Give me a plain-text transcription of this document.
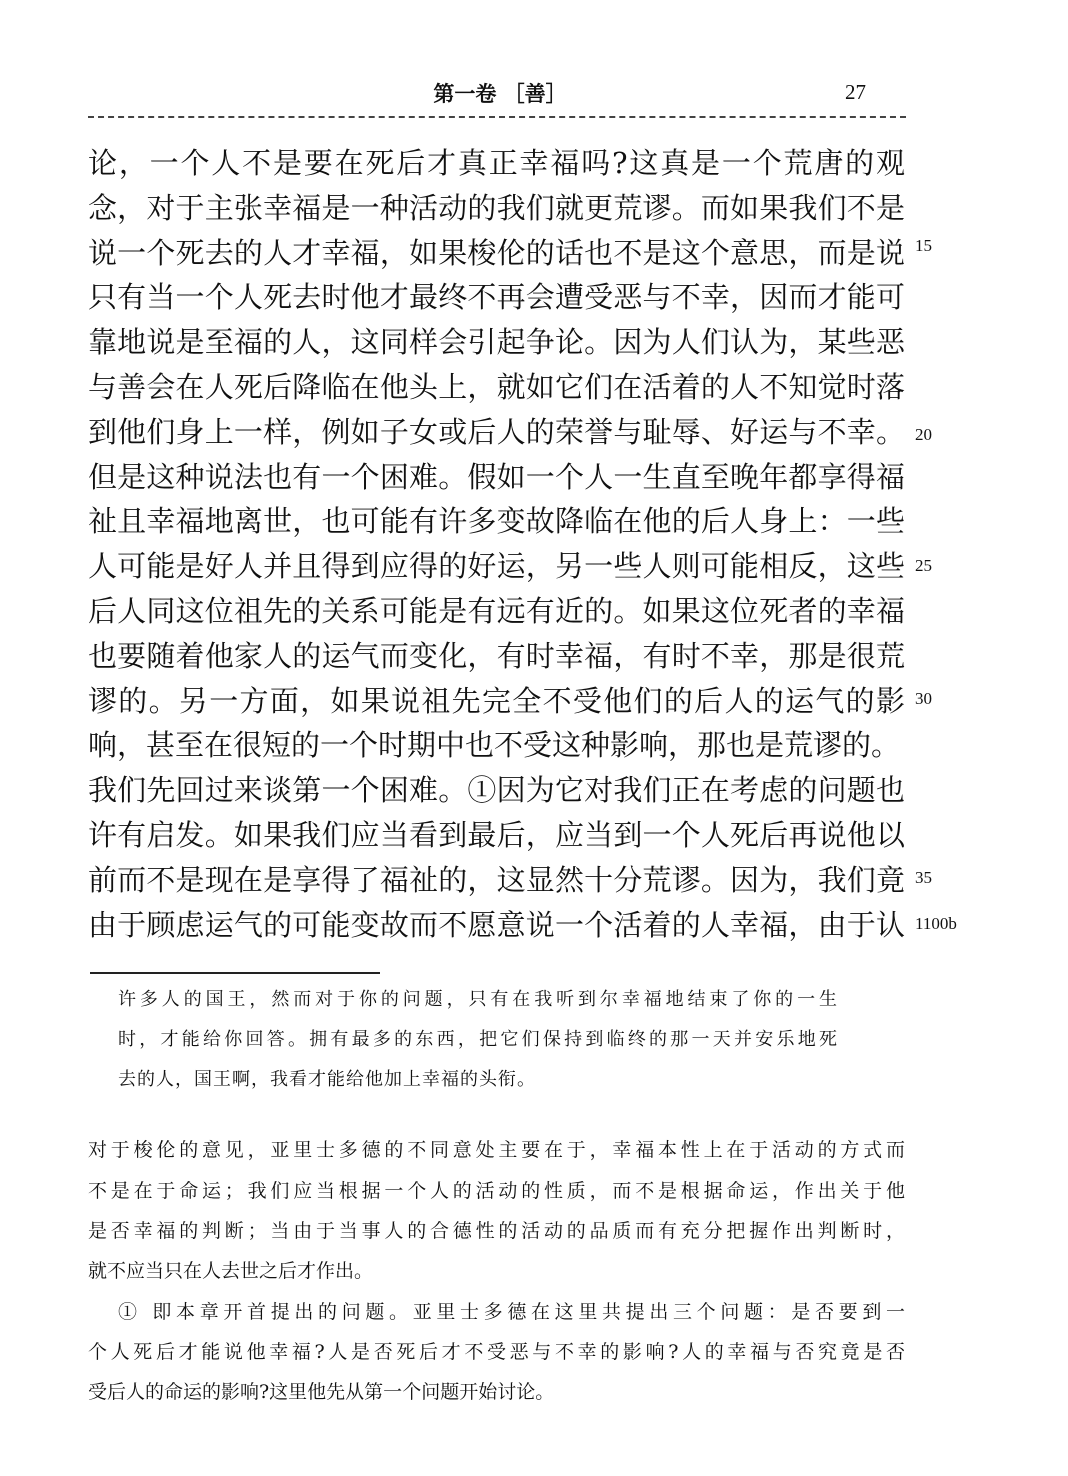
第一卷 ［善］	27
论，一个人不是要在死后才真正幸福吗?这真是一个荒唐的观
念，对于主张幸福是一种活动的我们就更荒谬。而如果我们不是
说一个死去的人才幸福，如果梭伦的话也不是这个意思，而是说
只有当一个人死去时他才最终不再会遭受恶与不幸，因而才能可
靠地说是至福的人，这同样会引起争论。因为人们认为，某些恶
与善会在人死后降临在他头上，就如它们在活着的人不知觉时落
到他们身上一样，例如子女或后人的荣誉与耻辱、好运与不幸。
但是这种说法也有一个困难。假如一个人一生直至晚年都享得福
祉且幸福地离世，也可能有许多变故降临在他的后人身上：一些
人可能是好人并且得到应得的好运，另一些人则可能相反，这些
后人同这位祖先的关系可能是有远有近的。如果这位死者的幸福
也要随着他家人的运气而变化，有时幸福，有时不幸，那是很荒
谬的。另一方面，如果说祖先完全不受他们的后人的运气的影
响，甚至在很短的一个时期中也不受这种影响，那也是荒谬的。
我们先回过来谈第一个困难。①因为它对我们正在考虑的问题也
许有启发。如果我们应当看到最后，应当到一个人死后再说他以
前而不是现在是享得了福祉的，这显然十分荒谬。因为，我们竟
由于顾虑运气的可能变故而不愿意说一个活着的人幸福，由于认
15
20
25
30
35
1100b
许多人的国王，然而对于你的问题，只有在我听到尔幸福地结束了你的一生
时，才能给你回答。拥有最多的东西，把它们保持到临终的那一天并安乐地死
去的人，国王啊，我看才能给他加上幸福的头衔。
对于梭伦的意见，亚里士多德的不同意处主要在于，幸福本性上在于活动的方式而
不是在于命运；我们应当根据一个人的活动的性质，而不是根据命运，作出关于他
是否幸福的判断；当由于当事人的合德性的活动的品质而有充分把握作出判断时，
就不应当只在人去世之后才作出。
① 即本章开首提出的问题。亚里士多德在这里共提出三个问题：是否要到一
个人死后才能说他幸福?人是否死后才不受恶与不幸的影响?人的幸福与否究竟是否
受后人的命运的影响?这里他先从第一个问题开始讨论。
